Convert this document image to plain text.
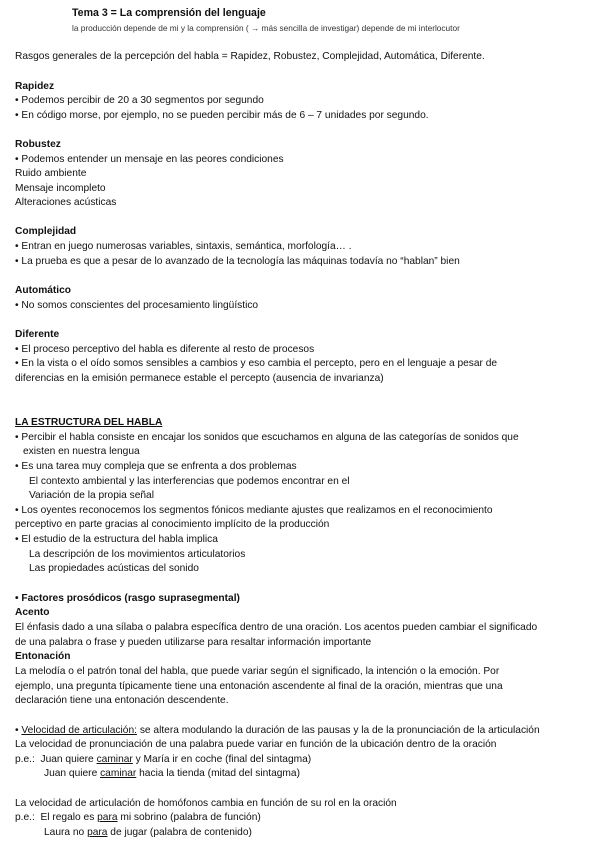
Tema 3 = La comprensión del lenguaje
la producción depende de mi y la comprensión ( → más sencilla de investigar) depende de mi interlocutor
Rasgos generales de la percepción del habla = Rapidez, Robustez, Complejidad, Automática, Diferente.
Rapidez
• Podemos percibir de 20 a 30 segmentos por segundo
• En código morse, por ejemplo, no se pueden percibir más de 6 – 7 unidades por segundo.
Robustez
• Podemos entender un mensaje en las peores condiciones
Ruido ambiente
Mensaje incompleto
Alteraciones acústicas
Complejidad
• Entran en juego numerosas variables, sintaxis, semántica, morfología… .
• La prueba es que a pesar de lo avanzado de la tecnología las máquinas todavía no “hablan” bien
Automático
• No somos conscientes del procesamiento lingüístico
Diferente
• El proceso perceptivo del habla es diferente al resto de procesos
• En la vista o el oído somos sensibles a cambios y eso cambia el percepto, pero en el lenguaje a pesar de
diferencias en la emisión permanece estable el percepto (ausencia de invarianza)
LA ESTRUCTURA DEL HABLA
• Percibir el habla consiste en encajar los sonidos que escuchamos en alguna de las categorías de sonidos que
existen en nuestra lengua
• Es una tarea muy compleja que se enfrenta a dos problemas
El contexto ambiental y las interferencias que podemos encontrar en el
Variación de la propia señal
• Los oyentes reconocemos los segmentos fónicos mediante ajustes que realizamos en el reconocimiento
perceptivo en parte gracias al conocimiento implícito de la producción
• El estudio de la estructura del habla implica
La descripción de los movimientos articulatorios
Las propiedades acústicas del sonido
• Factores prosódicos (rasgo suprasegmental)
Acento
El énfasis dado a una sílaba o palabra específica dentro de una oración. Los acentos pueden cambiar el significado
de una palabra o frase y pueden utilizarse para resaltar información importante
Entonación
La melodía o el patrón tonal del habla, que puede variar según el significado, la intención o la emoción. Por
ejemplo, una pregunta típicamente tiene una entonación ascendente al final de la oración, mientras que una
declaración tiene una entonación descendente.
• Velocidad de articulación: se altera modulando la duración de las pausas y la de la pronunciación de la articulación
La velocidad de pronunciación de una palabra puede variar en función de la ubicación dentro de la oración
p.e.:  Juan quiere caminar y María ir en coche (final del sintagma)
Juan quiere caminar hacia la tienda (mitad del sintagma)
La velocidad de articulación de homófonos cambia en función de su rol en la oración
p.e.:  El regalo es para mi sobrino (palabra de función)
Laura no para de jugar (palabra de contenido)
